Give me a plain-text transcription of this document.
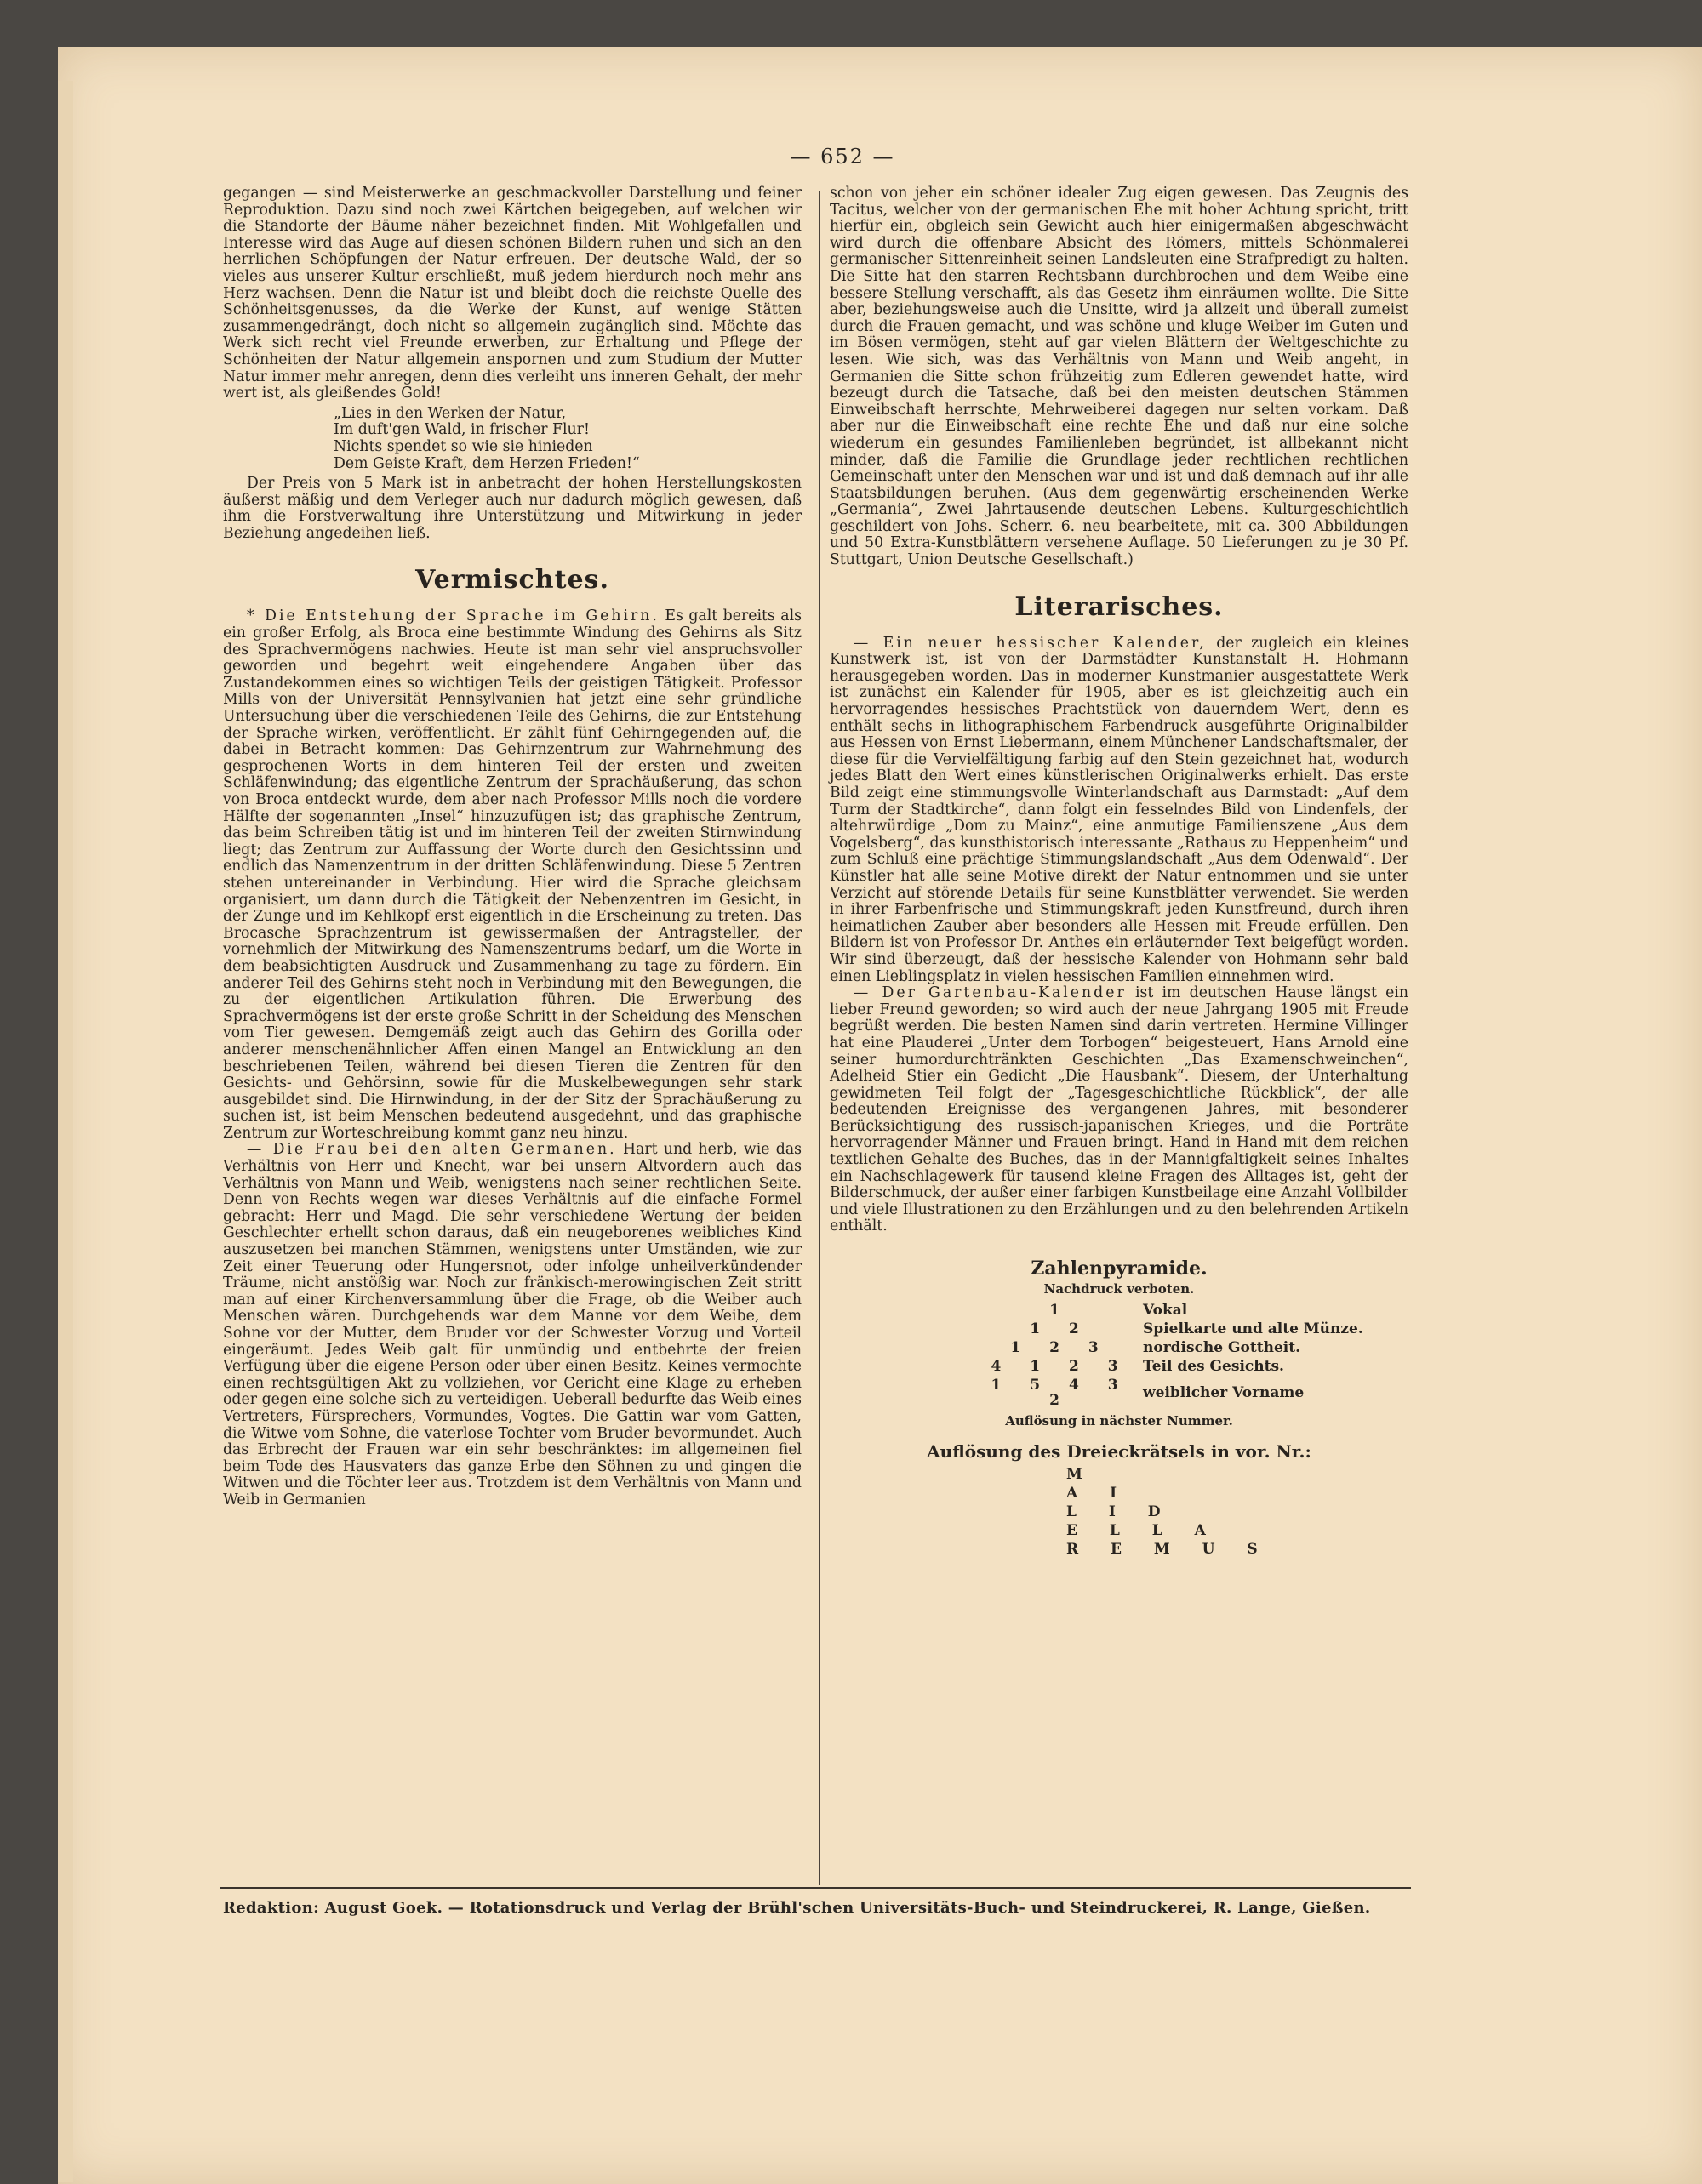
— 652 —

gegangen — sind Meisterwerke an geschmackvoller Darstellung und feiner Reproduktion. Dazu sind noch zwei Kärtchen beigegeben, auf welchen wir die Standorte der Bäume näher bezeichnet finden. Mit Wohlgefallen und Interesse wird das Auge auf diesen schönen Bildern ruhen und sich an den herrlichen Schöpfungen der Natur erfreuen. Der deutsche Wald, der so vieles aus unserer Kultur erschließt, muß jedem hierdurch noch mehr ans Herz wachsen. Denn die Natur ist und bleibt doch die reichste Quelle des Schönheitsgenusses, da die Werke der Kunst, auf wenige Stätten zusammengedrängt, doch nicht so allgemein zugänglich sind. Möchte das Werk sich recht viel Freunde erwerben, zur Erhaltung und Pflege der Schönheiten der Natur allgemein anspornen und zum Studium der Mutter Natur immer mehr anregen, denn dies verleiht uns inneren Gehalt, der mehr wert ist, als gleißendes Gold!

„Lies in den Werken der Natur,
Im duft'gen Wald, in frischer Flur!
Nichts spendet so wie sie hinieden
Dem Geiste Kraft, dem Herzen Frieden!“

Der Preis von 5 Mark ist in anbetracht der hohen Herstellungskosten äußerst mäßig und dem Verleger auch nur dadurch möglich gewesen, daß ihm die Forstverwaltung ihre Unterstützung und Mitwirkung in jeder Beziehung angedeihen ließ.

Vermischtes.

* Die Entstehung der Sprache im Gehirn. Es galt bereits als ein großer Erfolg, als Broca eine bestimmte Windung des Gehirns als Sitz des Sprachvermögens nachwies. Heute ist man sehr viel anspruchsvoller geworden und begehrt weit eingehendere Angaben über das Zustandekommen eines so wichtigen Teils der geistigen Tätigkeit. Professor Mills von der Universität Pennsylvanien hat jetzt eine sehr gründliche Untersuchung über die verschiedenen Teile des Gehirns, die zur Entstehung der Sprache wirken, veröffentlicht. Er zählt fünf Gehirngegenden auf, die dabei in Betracht kommen: Das Gehirnzentrum zur Wahrnehmung des gesprochenen Worts in dem hinteren Teil der ersten und zweiten Schläfenwindung; das eigentliche Zentrum der Sprachäußerung, das schon von Broca entdeckt wurde, dem aber nach Professor Mills noch die vordere Hälfte der sogenannten „Insel“ hinzuzufügen ist; das graphische Zentrum, das beim Schreiben tätig ist und im hinteren Teil der zweiten Stirnwindung liegt; das Zentrum zur Auffassung der Worte durch den Gesichtssinn und endlich das Namenzentrum in der dritten Schläfenwindung. Diese 5 Zentren stehen untereinander in Verbindung. Hier wird die Sprache gleichsam organisiert, um dann durch die Tätigkeit der Nebenzentren im Gesicht, in der Zunge und im Kehlkopf erst eigentlich in die Erscheinung zu treten. Das Brocasche Sprachzentrum ist gewissermaßen der Antragsteller, der vornehmlich der Mitwirkung des Namenszentrums bedarf, um die Worte in dem beabsichtigten Ausdruck und Zusammenhang zu tage zu fördern. Ein anderer Teil des Gehirns steht noch in Verbindung mit den Bewegungen, die zu der eigentlichen Artikulation führen. Die Erwerbung des Sprachvermögens ist der erste große Schritt in der Scheidung des Menschen vom Tier gewesen. Demgemäß zeigt auch das Gehirn des Gorilla oder anderer menschenähnlicher Affen einen Mangel an Entwicklung an den beschriebenen Teilen, während bei diesen Tieren die Zentren für den Gesichts- und Gehörsinn, sowie für die Muskelbewegungen sehr stark ausgebildet sind. Die Hirnwindung, in der der Sitz der Sprachäußerung zu suchen ist, ist beim Menschen bedeutend ausgedehnt, und das graphische Zentrum zur Worteschreibung kommt ganz neu hinzu.

— Die Frau bei den alten Germanen. Hart und herb, wie das Verhältnis von Herr und Knecht, war bei unsern Altvordern auch das Verhältnis von Mann und Weib, wenigstens nach seiner rechtlichen Seite. Denn von Rechts wegen war dieses Verhältnis auf die einfache Formel gebracht: Herr und Magd. Die sehr verschiedene Wertung der beiden Geschlechter erhellt schon daraus, daß ein neugeborenes weibliches Kind auszusetzen bei manchen Stämmen, wenigstens unter Umständen, wie zur Zeit einer Teuerung oder Hungersnot, oder infolge unheilverkündender Träume, nicht anstößig war. Noch zur fränkisch-merowingischen Zeit stritt man auf einer Kirchenversammlung über die Frage, ob die Weiber auch Menschen wären. Durchgehends war dem Manne vor dem Weibe, dem Sohne vor der Mutter, dem Bruder vor der Schwester Vorzug und Vorteil eingeräumt. Jedes Weib galt für unmündig und entbehrte der freien Verfügung über die eigene Person oder über einen Besitz. Keines vermochte einen rechtsgültigen Akt zu vollziehen, vor Gericht eine Klage zu erheben oder gegen eine solche sich zu verteidigen. Ueberall bedurfte das Weib eines Vertreters, Fürsprechers, Vormundes, Vogtes. Die Gattin war vom Gatten, die Witwe vom Sohne, die vaterlose Tochter vom Bruder bevormundet. Auch das Erbrecht der Frauen war ein sehr beschränktes: im allgemeinen fiel beim Tode des Hausvaters das ganze Erbe den Söhnen zu und gingen die Witwen und die Töchter leer aus. Trotzdem ist dem Verhältnis von Mann und Weib in Germanien

schon von jeher ein schöner idealer Zug eigen gewesen. Das Zeugnis des Tacitus, welcher von der germanischen Ehe mit hoher Achtung spricht, tritt hierfür ein, obgleich sein Gewicht auch hier einigermaßen abgeschwächt wird durch die offenbare Absicht des Römers, mittels Schönmalerei germanischer Sittenreinheit seinen Landsleuten eine Strafpredigt zu halten. Die Sitte hat den starren Rechtsbann durchbrochen und dem Weibe eine bessere Stellung verschafft, als das Gesetz ihm einräumen wollte. Die Sitte aber, beziehungsweise auch die Unsitte, wird ja allzeit und überall zumeist durch die Frauen gemacht, und was schöne und kluge Weiber im Guten und im Bösen vermögen, steht auf gar vielen Blättern der Weltgeschichte zu lesen. Wie sich, was das Verhältnis von Mann und Weib angeht, in Germanien die Sitte schon frühzeitig zum Edleren gewendet hatte, wird bezeugt durch die Tatsache, daß bei den meisten deutschen Stämmen Einweibschaft herrschte, Mehrweiberei dagegen nur selten vorkam. Daß aber nur die Einweibschaft eine rechte Ehe und daß nur eine solche wiederum ein gesundes Familienleben begründet, ist allbekannt nicht minder, daß die Familie die Grundlage jeder rechtlichen rechtlichen Gemeinschaft unter den Menschen war und ist und daß demnach auf ihr alle Staatsbildungen beruhen. (Aus dem gegenwärtig erscheinenden Werke „Germania“, Zwei Jahrtausende deutschen Lebens. Kulturgeschichtlich geschildert von Johs. Scherr. 6. neu bearbeitete, mit ca. 300 Abbildungen und 50 Extra-Kunstblättern versehene Auflage. 50 Lieferungen zu je 30 Pf. Stuttgart, Union Deutsche Gesellschaft.)

Literarisches.

— Ein neuer hessischer Kalender, der zugleich ein kleines Kunstwerk ist, ist von der Darmstädter Kunstanstalt H. Hohmann herausgegeben worden. Das in moderner Kunstmanier ausgestattete Werk ist zunächst ein Kalender für 1905, aber es ist gleichzeitig auch ein hervorragendes hessisches Prachtstück von dauerndem Wert, denn es enthält sechs in lithographischem Farbendruck ausgeführte Originalbilder aus Hessen von Ernst Liebermann, einem Münchener Landschaftsmaler, der diese für die Vervielfältigung farbig auf den Stein gezeichnet hat, wodurch jedes Blatt den Wert eines künstlerischen Originalwerks erhielt. Das erste Bild zeigt eine stimmungsvolle Winterlandschaft aus Darmstadt: „Auf dem Turm der Stadtkirche“, dann folgt ein fesselndes Bild von Lindenfels, der altehrwürdige „Dom zu Mainz“, eine anmutige Familienszene „Aus dem Vogelsberg“, das kunsthistorisch interessante „Rathaus zu Heppenheim“ und zum Schluß eine prächtige Stimmungslandschaft „Aus dem Odenwald“. Der Künstler hat alle seine Motive direkt der Natur entnommen und sie unter Verzicht auf störende Details für seine Kunstblätter verwendet. Sie werden in ihrer Farbenfrische und Stimmungskraft jeden Kunstfreund, durch ihren heimatlichen Zauber aber besonders alle Hessen mit Freude erfüllen. Den Bildern ist von Professor Dr. Anthes ein erläuternder Text beigefügt worden. Wir sind überzeugt, daß der hessische Kalender von Hohmann sehr bald einen Lieblingsplatz in vielen hessischen Familien einnehmen wird.

— Der Gartenbau-Kalender ist im deutschen Hause längst ein lieber Freund geworden; so wird auch der neue Jahrgang 1905 mit Freude begrüßt werden. Die besten Namen sind darin vertreten. Hermine Villinger hat eine Plauderei „Unter dem Torbogen“ beigesteuert, Hans Arnold eine seiner humordurchtränkten Geschichten „Das Examenschweinchen“, Adelheid Stier ein Gedicht „Die Hausbank“. Diesem, der Unterhaltung gewidmeten Teil folgt der „Tagesgeschichtliche Rückblick“, der alle bedeutenden Ereignisse des vergangenen Jahres, mit besonderer Berücksichtigung des russisch-japanischen Krieges, und die Porträte hervorragender Männer und Frauen bringt. Hand in Hand mit dem reichen textlichen Gehalte des Buches, das in der Mannigfaltigkeit seines Inhaltes ein Nachschlagewerk für tausend kleine Fragen des Alltages ist, geht der Bilderschmuck, der außer einer farbigen Kunstbeilage eine Anzahl Vollbilder und viele Illustrationen zu den Erzählungen und zu den belehrenden Artikeln enthält.

Zahlenpyramide.
Nachdruck verboten.
1	Vokal
1 2	Spielkarte und alte Münze.
1 2 3	nordische Gottheit.
4 1 2 3	Teil des Gesichts.
1 5 4 3 2	weiblicher Vorname
Auflösung in nächster Nummer.
Auflösung des Dreieckrätsels in vor. Nr.:
M
A I
L I D
E L L A
R E M U S
Redaktion: August Goek. — Rotationsdruck und Verlag der Brühl'schen Universitäts-Buch- und Steindruckerei, R. Lange, Gießen.
